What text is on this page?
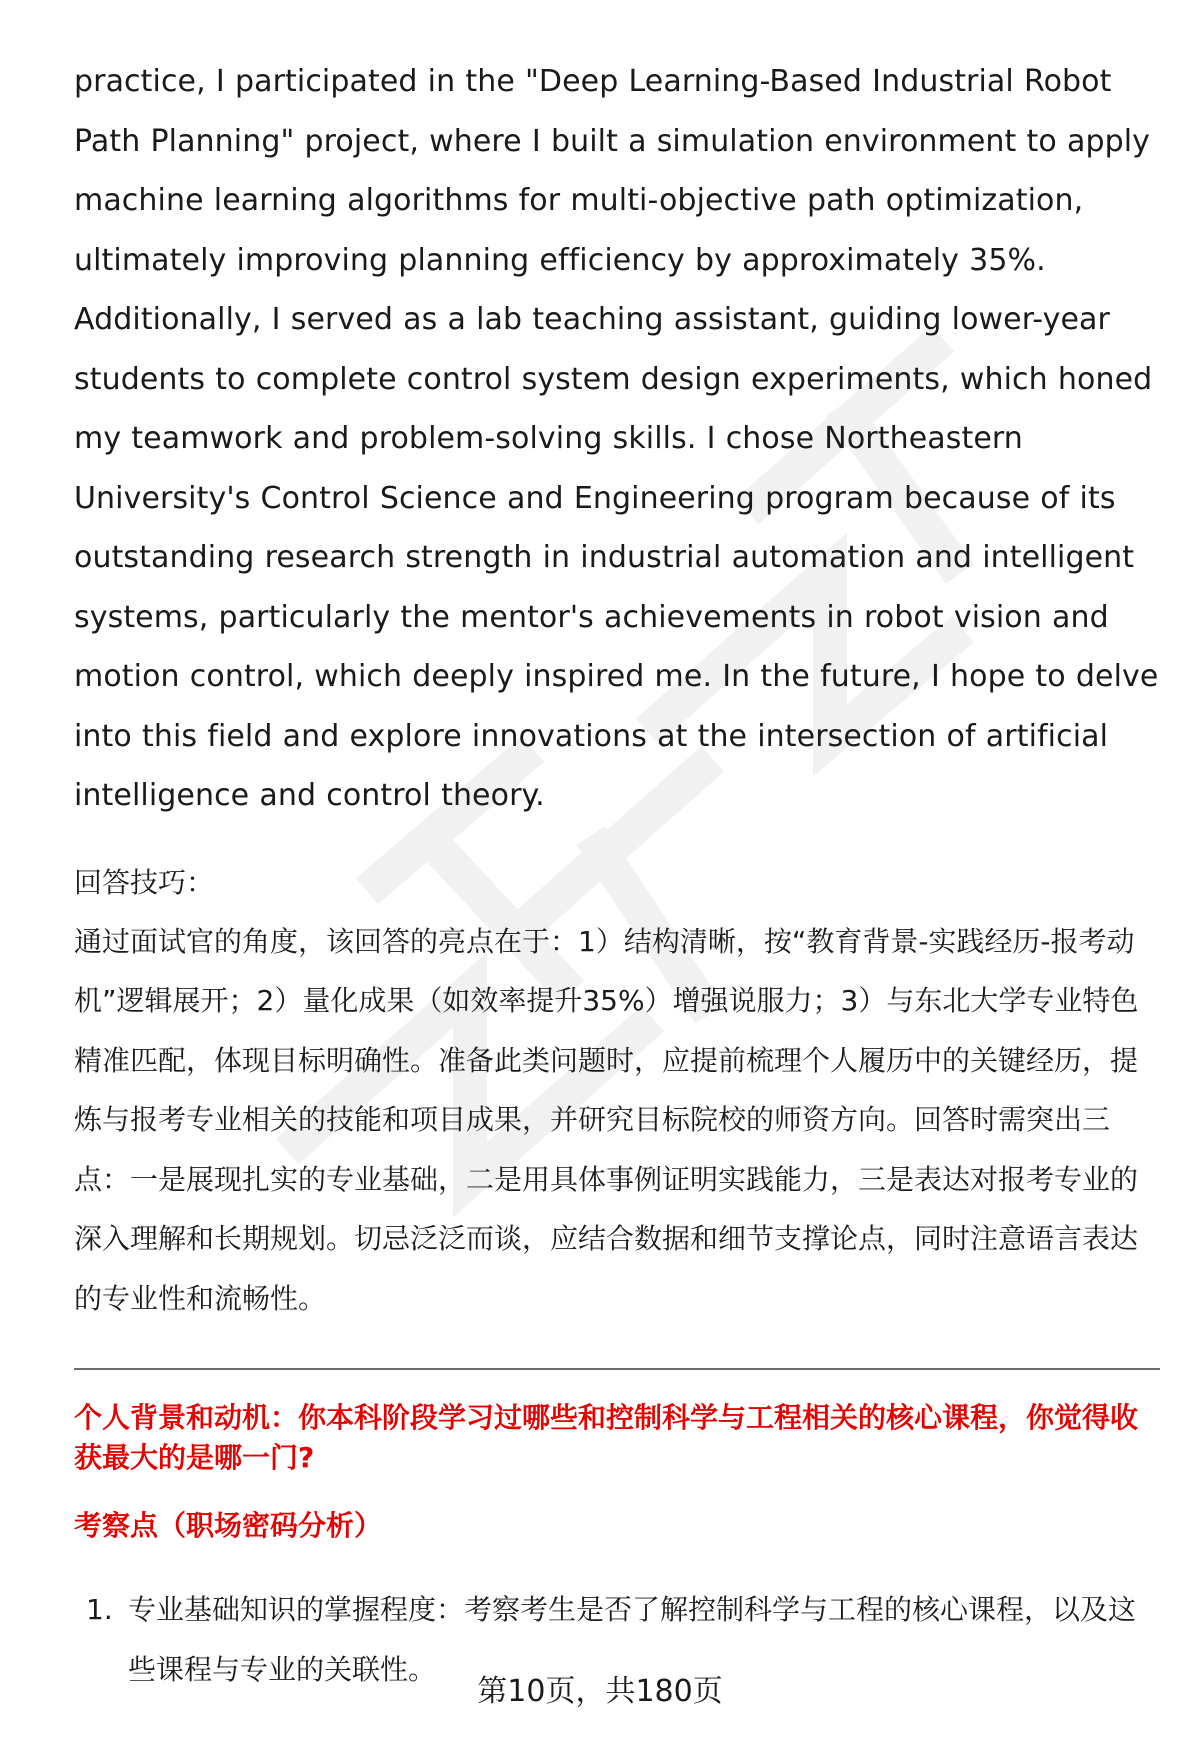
practice, I participated in the "Deep Learning-Based Industrial Robot Path Planning" project, where I built a simulation environment to apply machine learning algorithms for multi-objective path optimization, ultimately improving planning efficiency by approximately 35%. Additionally, I served as a lab teaching assistant, guiding lower-year students to complete control system design experiments, which honed my teamwork and problem-solving skills. I chose Northeastern University's Control Science and Engineering program because of its outstanding research strength in industrial automation and intelligent systems, particularly the mentor's achievements in robot vision and motion control, which deeply inspired me. In the future, I hope to delve into this field and explore innovations at the intersection of artificial intelligence and control theory.

回答技巧：

通过面试官的角度，该回答的亮点在于：1）结构清晰，按“教育背景-实践经历-报考动机”逻辑展开；2）量化成果（如效率提升35%）增强说服力；3）与东北大学专业特色精准匹配，体现目标明确性。准备此类问题时，应提前梳理个人履历中的关键经历，提炼与报考专业相关的技能和项目成果，并研究目标院校的师资方向。回答时需突出三点：一是展现扎实的专业基础，二是用具体事例证明实践能力，三是表达对报考专业的深入理解和长期规划。切忌泛泛而谈，应结合数据和细节支撑论点，同时注意语言表达的专业性和流畅性。

个人背景和动机：你本科阶段学习过哪些和控制科学与工程相关的核心课程，你觉得收获最大的是哪一门?
考察点（职场密码分析）
1. 专业基础知识的掌握程度：考察考生是否了解控制科学与工程的核心课程，以及这些课程与专业的关联性。
第10页，共180页
